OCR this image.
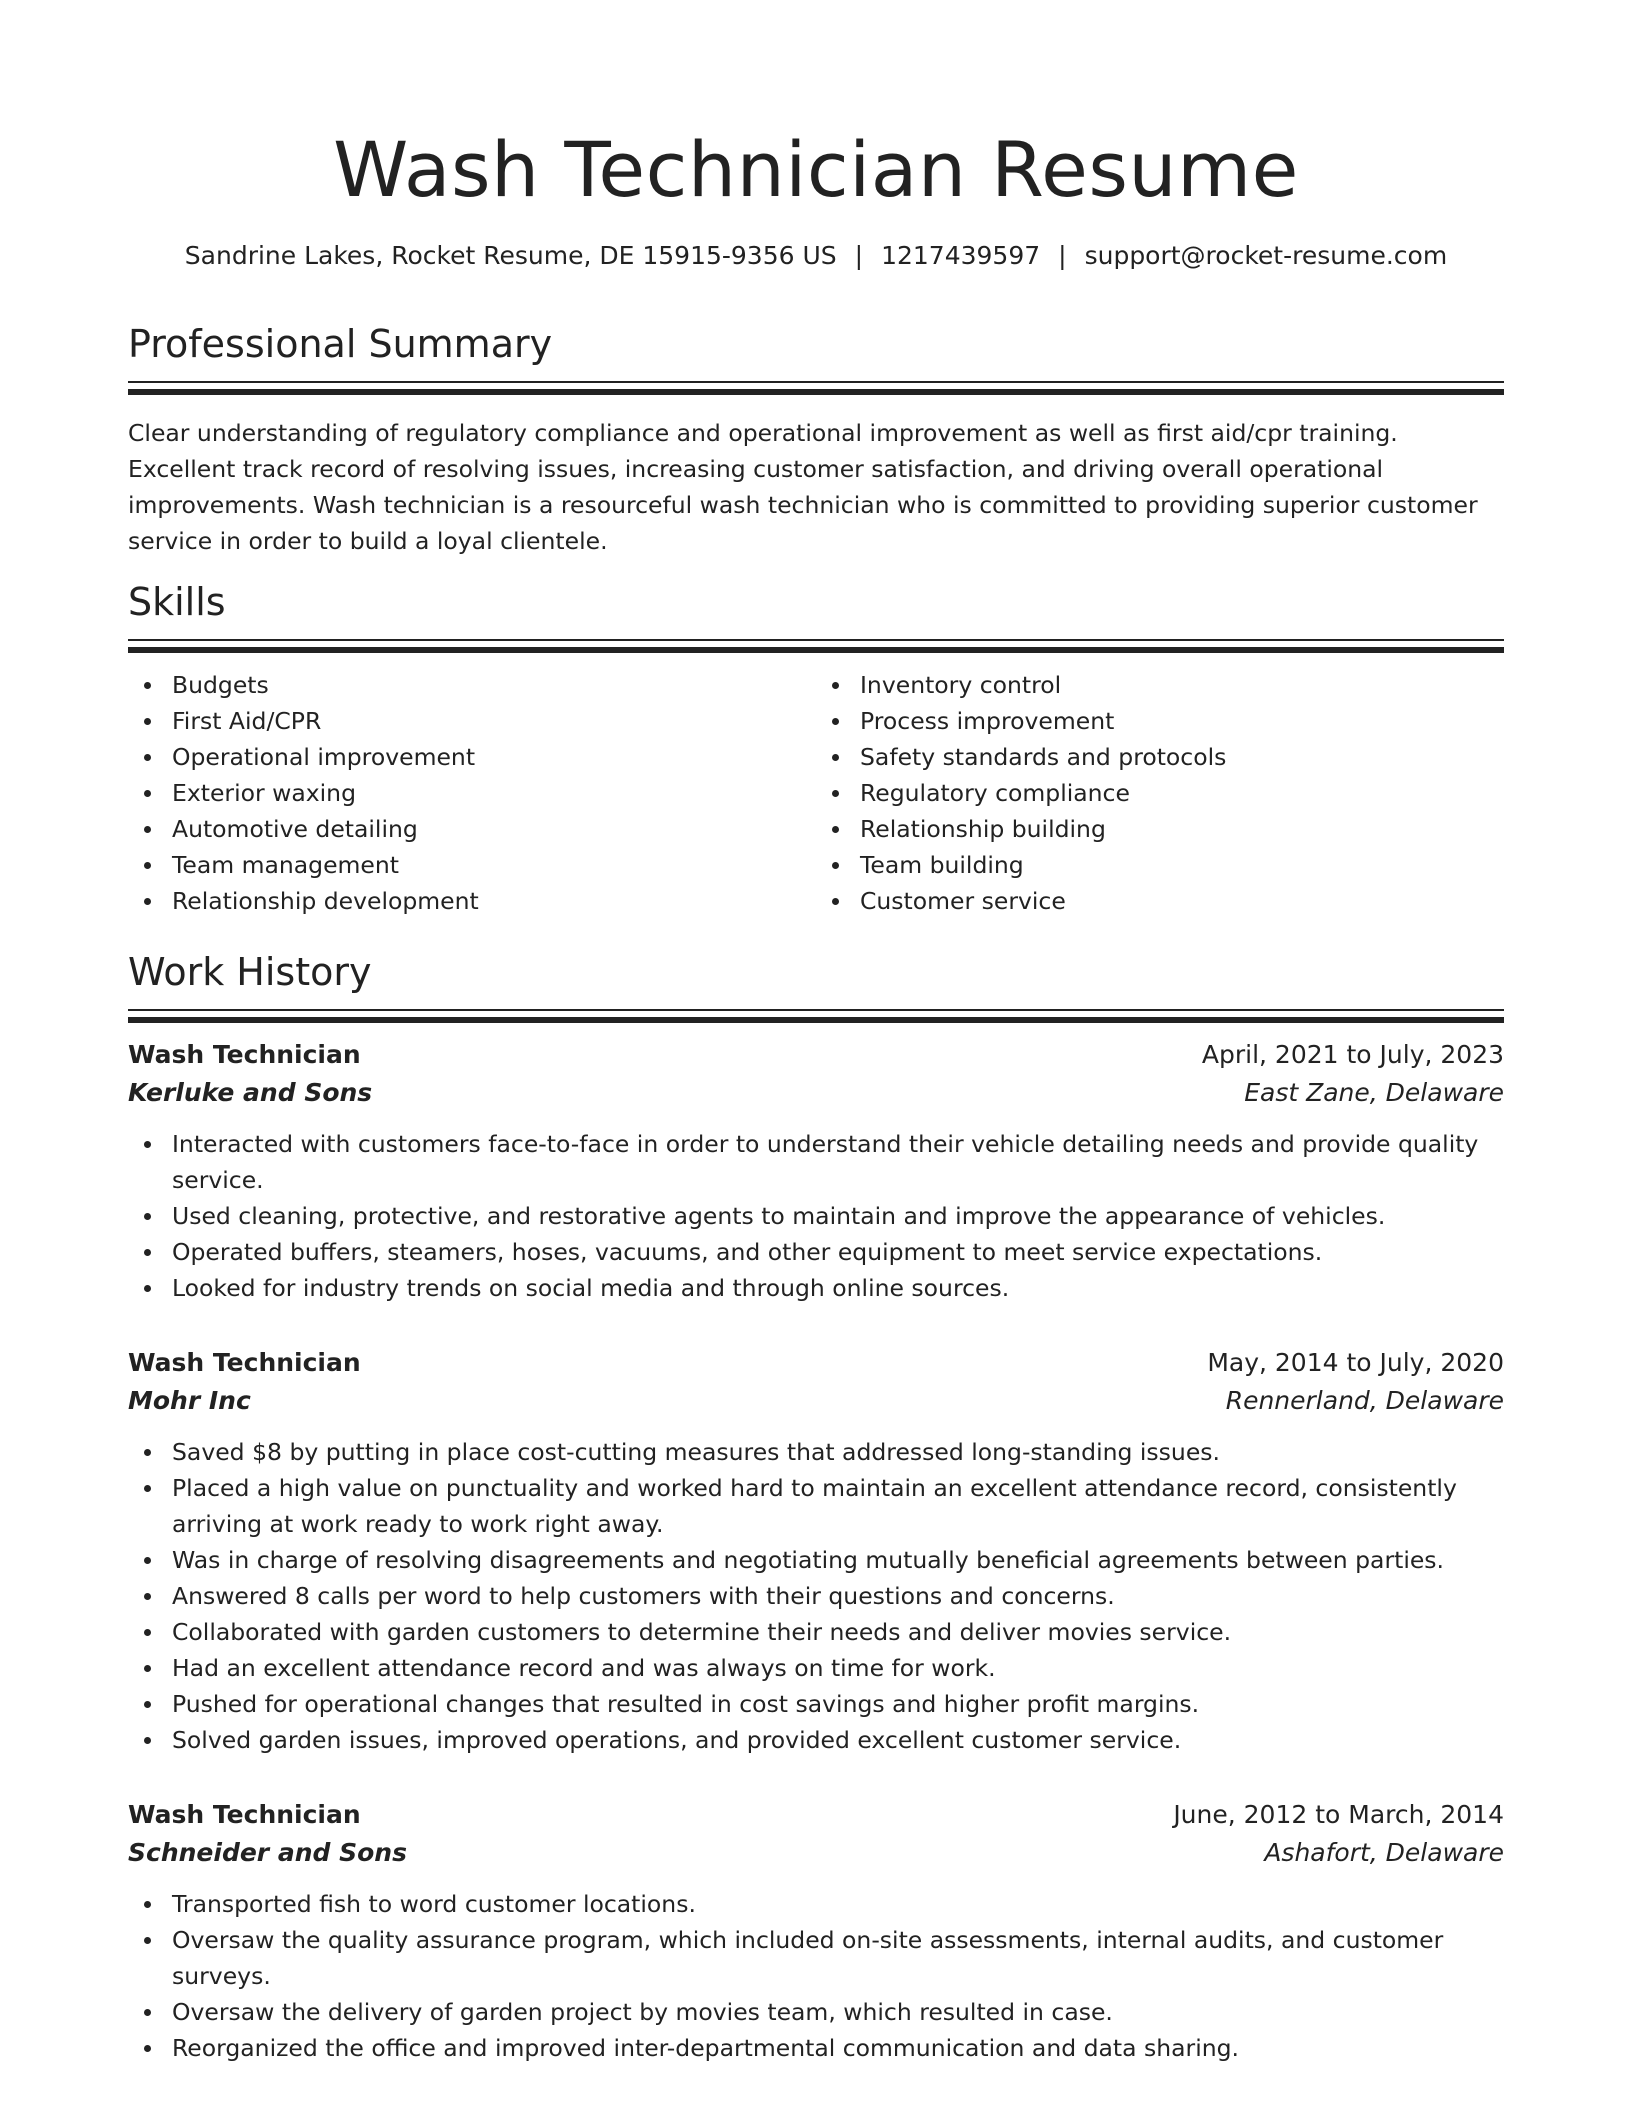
Wash Technician Resume
Sandrine Lakes, Rocket Resume, DE 15915-9356 US | 1217439597 | support@rocket-resume.com
Professional Summary
Clear understanding of regulatory compliance and operational improvement as well as first aid/cpr training. Excellent track record of resolving issues, increasing customer satisfaction, and driving overall operational improvements. Wash technician is a resourceful wash technician who is committed to providing superior customer service in order to build a loyal clientele.
Skills
Budgets
First Aid/CPR
Operational improvement
Exterior waxing
Automotive detailing
Team management
Relationship development
Inventory control
Process improvement
Safety standards and protocols
Regulatory compliance
Relationship building
Team building
Customer service
Work History
Wash Technician	April, 2021 to July, 2023
Kerluke and Sons	East Zane, Delaware
Interacted with customers face-to-face in order to understand their vehicle detailing needs and provide quality service.
Used cleaning, protective, and restorative agents to maintain and improve the appearance of vehicles.
Operated buffers, steamers, hoses, vacuums, and other equipment to meet service expectations.
Looked for industry trends on social media and through online sources.
Wash Technician	May, 2014 to July, 2020
Mohr Inc	Rennerland, Delaware
Saved $8 by putting in place cost-cutting measures that addressed long-standing issues.
Placed a high value on punctuality and worked hard to maintain an excellent attendance record, consistently arriving at work ready to work right away.
Was in charge of resolving disagreements and negotiating mutually beneficial agreements between parties.
Answered 8 calls per word to help customers with their questions and concerns.
Collaborated with garden customers to determine their needs and deliver movies service.
Had an excellent attendance record and was always on time for work.
Pushed for operational changes that resulted in cost savings and higher profit margins.
Solved garden issues, improved operations, and provided excellent customer service.
Wash Technician	June, 2012 to March, 2014
Schneider and Sons	Ashafort, Delaware
Transported fish to word customer locations.
Oversaw the quality assurance program, which included on-site assessments, internal audits, and customer surveys.
Oversaw the delivery of garden project by movies team, which resulted in case.
Reorganized the office and improved inter-departmental communication and data sharing.
